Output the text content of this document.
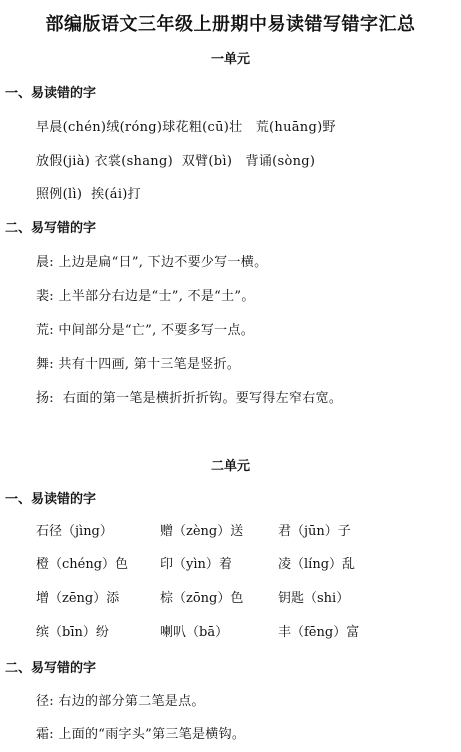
部编版语文三年级上册期中易读错写错字汇总
一单元
一、易读错的字
早晨(chén)绒(róng)球花粗(cū)壮   荒(huāng)野
放假(jià) 衣裳(shang)  双臂(bì)   背诵(sòng)
照例(lì)  挨(ái)打
二、易写错的字
晨: 上边是扁“日”, 下边不要少写一横。
裴: 上半部分右边是“士”, 不是“土”。
荒: 中间部分是“亡”, 不要多写一点。
舞: 共有十四画, 第十三笔是竖折。
扬:  右面的第一笔是横折折折钩。要写得左窄右宽。
二单元
一、易读错的字
石径（jìng）	赠（zèng）送	君（jūn）子
橙（chéng）色 印（yìn）着	凌（líng）乱
增（zēng）添	棕（zōng）色	钥匙（shi）
缤（bīn）纷	喇叭（bā）	丰（fēng）富
二、易写错的字
径: 右边的部分第二笔是点。
霜: 上面的“雨字头”第三笔是横钩。
